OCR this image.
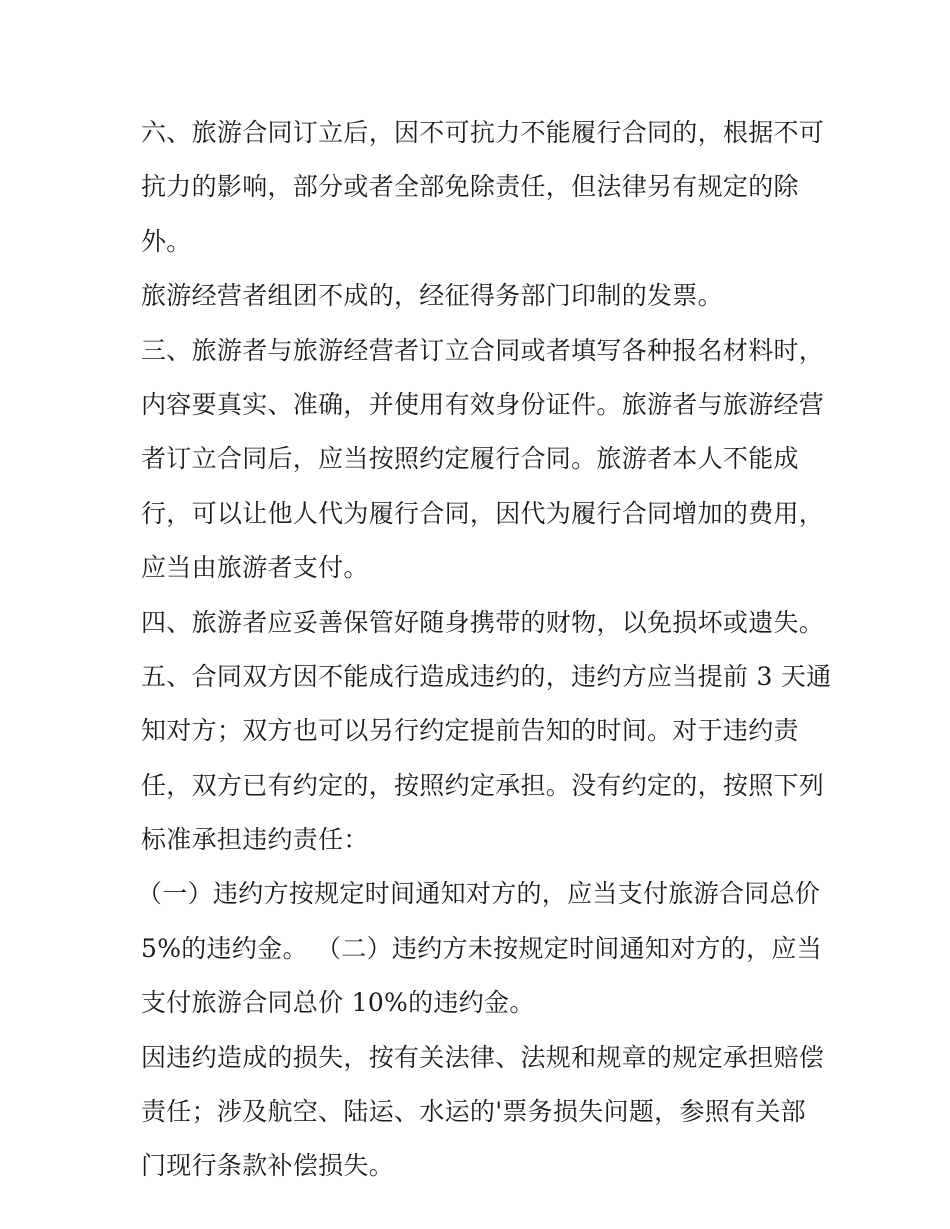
六、旅游合同订立后，因不可抗力不能履行合同的，根据不可
抗力的影响，部分或者全部免除责任，但法律另有规定的除
外。
旅游经营者组团不成的，经征得务部门印制的发票。
三、旅游者与旅游经营者订立合同或者填写各种报名材料时，
内容要真实、准确，并使用有效身份证件。旅游者与旅游经营
者订立合同后，应当按照约定履行合同。旅游者本人不能成
行，可以让他人代为履行合同，因代为履行合同增加的费用，
应当由旅游者支付。
四、旅游者应妥善保管好随身携带的财物，以免损坏或遗失。
五、合同双方因不能成行造成违约的，违约方应当提前 3 天通
知对方；双方也可以另行约定提前告知的时间。对于违约责
任，双方已有约定的，按照约定承担。没有约定的，按照下列
标准承担违约责任：
（一）违约方按规定时间通知对方的，应当支付旅游合同总价
5%的违约金。 （二）违约方未按规定时间通知对方的，应当
支付旅游合同总价 10%的违约金。
因违约造成的损失，按有关法律、法规和规章的规定承担赔偿
责任；涉及航空、陆运、水运的'票务损失问题，参照有关部
门现行条款补偿损失。
